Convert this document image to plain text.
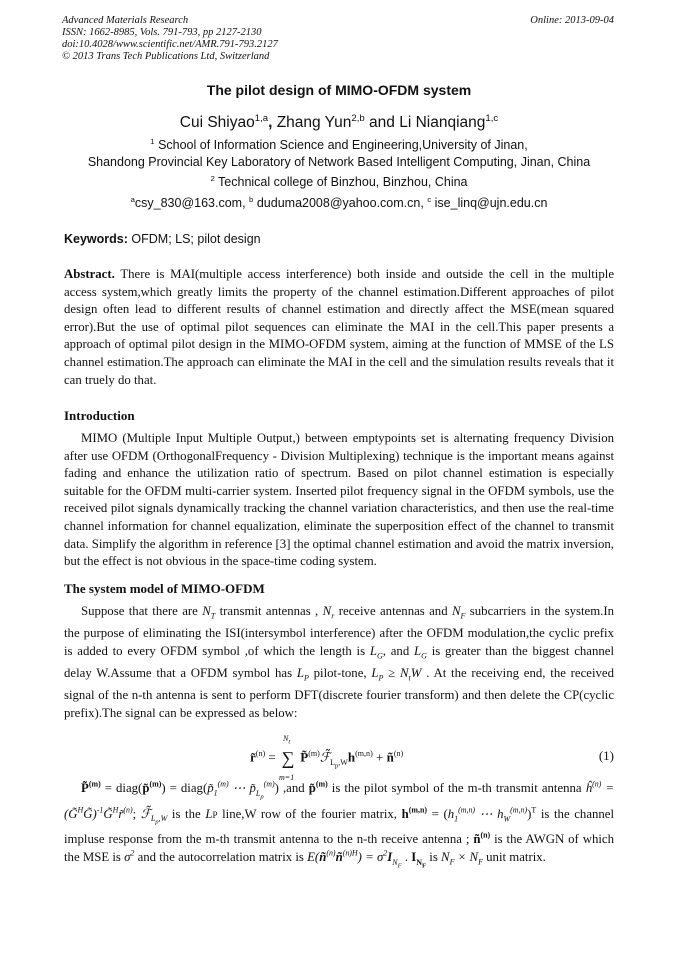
Advanced Materials Research
ISSN: 1662-8985, Vols. 791-793, pp 2127-2130
doi:10.4028/www.scientific.net/AMR.791-793.2127
© 2013 Trans Tech Publications Ltd, Switzerland
Online: 2013-09-04
The pilot design of MIMO-OFDM system
Cui Shiyao$^{1,a}$, Zhang Yun$^{2,b}$ and Li Nianqiang$^{1,c}$
$^1$ School of Information Science and Engineering,University of Jinan,
Shandong Provincial Key Laboratory of Network Based Intelligent Computing, Jinan, China
$^2$ Technical college of Binzhou, Binzhou, China
$^a$csy_830@163.com, $^b$ duduma2008@yahoo.com.cn, $^c$ ise_linq@ujn.edu.cn
Keywords: OFDM; LS; pilot design
Abstract. There is MAI(multiple access interference) both inside and outside the cell in the multiple access system,which greatly limits the property of the channel estimation.Different approaches of pilot design often lead to different results of channel estimation and directly affect the MSE(mean squared error).But the use of optimal pilot sequences can eliminate the MAI in the cell.This paper presents a approach of optimal pilot design in the MIMO-OFDM system, aiming at the function of MMSE of the LS channel estimation.The approach can eliminate the MAI in the cell and the simulation results reveals that it can truely do that.
Introduction
MIMO (Multiple Input Multiple Output,) between emptypoints set is alternating frequency Division after use OFDM (OrthogonalFrequency - Division Multiplexing) technique is the important means against fading and enhance the utilization ratio of spectrum. Based on pilot channel estimation is especially suitable for the OFDM multi-carrier system. Inserted pilot frequency signal in the OFDM symbols, use the received pilot signals dynamically tracking the channel variation characteristics, and then use the real-time channel information for channel equalization, eliminate the superposition effect of the channel to transmit data. Simplify the algorithm in reference [3] the optimal channel estimation and avoid the matrix inversion, but the effect is not obvious in the space-time coding system.
The system model of MIMO-OFDM
Suppose that there are $N_T$ transmit antennas , $N_r$ receive antennas and $N_F$ subcarriers in the system.In the purpose of eliminating the ISI(intersymbol interference) after the OFDM modulation,the cyclic prefix is added to every OFDM symbol ,of which the length is $L_G$, and $L_G$ is greater than the biggest channel delay W.Assume that a OFDM symbol has $L_P$ pilot-tone, $L_P \ge N_tW$ . At the receiving end, the received signal of the n-th antenna is sent to perform DFT(discrete fourier transform) and then delete the CP(cyclic prefix).The signal can be expressed as below:
r̃$^{(n)}$ = ∑
$N_t$
m=1
$P̃^{(m)}ℱ̃_{L_p,W}h^{(m,n)}$ + $ñ^{(n)}$	(1)
P̃$^{(m)}$ = diag(p̃$^{(m)}$) = $diag(p̃_1^{(m)}$ ⋯ $p̃_{L_p}^{(m)}$) ,and p̃$^{(m)}$ is the pilot symbol of the m-th transmit antenna $ĥ^{(n)}$ = (G̃$^H$G̃)$^{-1}$G̃$^H$r̃$^{(n)}$; $ℱ̃_{L_p,W}$ is the LP line,W row of the fourier matrix, $h^{(m,n)} = (h_1^{(m,n)}$ ⋯ $h_W^{(m,n)})^T$ is the channel impluse response from the m-th transmit antenna to the n-th receive antenna ; $ñ^{(n)}$ is the AWGN of which the MSE is $\sigma^2$ and the autocorrelation matrix is $E(ñ^{(n)}ñ^{(n)H}) = \sigma^2I_{N_F}$ . $I_{N_F}$ is $N_F \times N_F$ unit matrix.
